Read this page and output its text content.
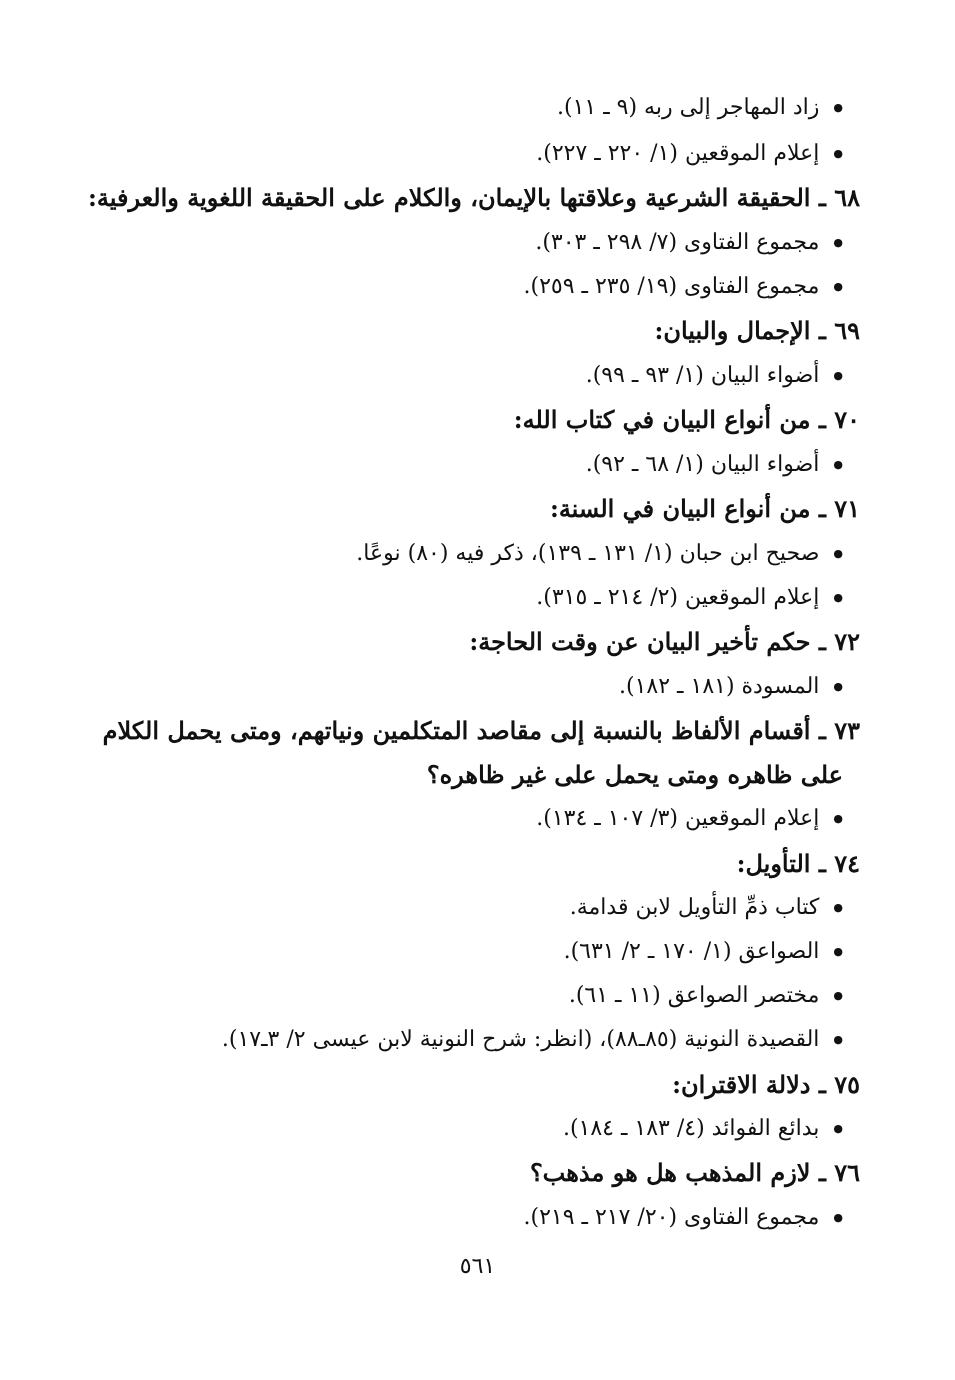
● زاد المهاجر إلى ربه (٩ ـ ١١).
● إعلام الموقعين (١/ ٢٢٠ ـ ٢٢٧).
٦٨ ـ الحقيقة الشرعية وعلاقتها بالإيمان، والكلام على الحقيقة اللغوية والعرفية:
● مجموع الفتاوى (٧/ ٢٩٨ ـ ٣٠٣).
● مجموع الفتاوى (١٩/ ٢٣٥ ـ ٢٥٩).
٦٩ ـ الإجمال والبيان:
● أضواء البيان (١/ ٩٣ ـ ٩٩).
٧٠ ـ من أنواع البيان في كتاب الله:
● أضواء البيان (١/ ٦٨ ـ ٩٢).
٧١ ـ من أنواع البيان في السنة:
● صحيح ابن حبان (١/ ١٣١ ـ ١٣٩)، ذكر فيه (٨٠) نوعًا.
● إعلام الموقعين (٢/ ٢١٤ ـ ٣١٥).
٧٢ ـ حكم تأخير البيان عن وقت الحاجة:
● المسودة (١٨١ ـ ١٨٢).
٧٣ ـ أقسام الألفاظ بالنسبة إلى مقاصد المتكلمين ونياتهم، ومتى يحمل الكلام
على ظاهره ومتى يحمل على غير ظاهره؟
● إعلام الموقعين (٣/ ١٠٧ ـ ١٣٤).
٧٤ ـ التأويل:
● كتاب ذمِّ التأويل لابن قدامة.
● الصواعق (١/ ١٧٠ ـ ٢/ ٦٣١).
● مختصر الصواعق (١١ ـ ٦١).
● القصيدة النونية (٨٥ـ٨٨)، (انظر: شرح النونية لابن عيسى ٢/ ٣ـ١٧).
٧٥ ـ دلالة الاقتران:
● بدائع الفوائد (٤/ ١٨٣ ـ ١٨٤).
٧٦ ـ لازم المذهب هل هو مذهب؟
● مجموع الفتاوى (٢٠/ ٢١٧ ـ ٢١٩).
٥٦١
